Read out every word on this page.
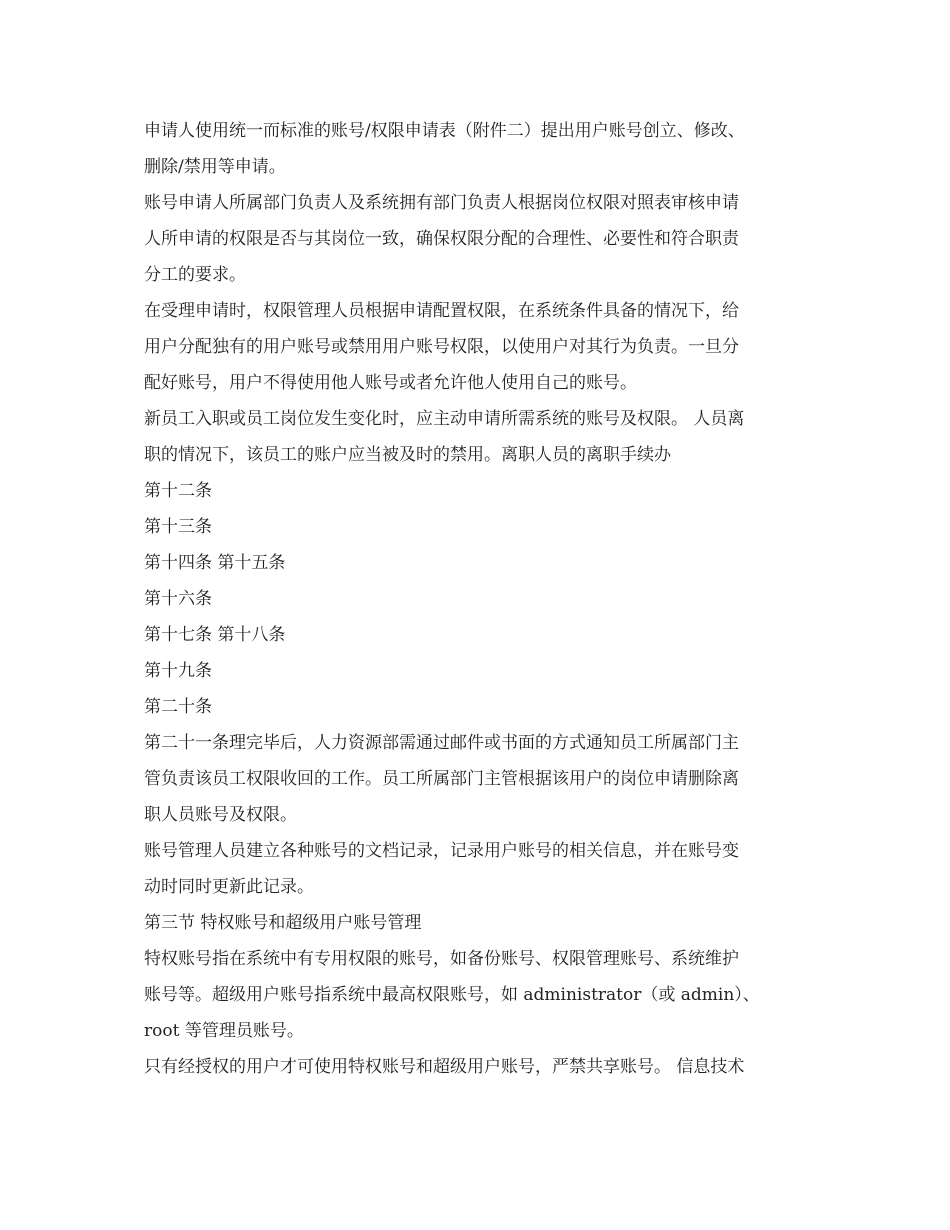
申请人使用统一而标准的账号/权限申请表（附件二）提出用户账号创立、修改、
删除/禁用等申请。
账号申请人所属部门负责人及系统拥有部门负责人根据岗位权限对照表审核申请
人所申请的权限是否与其岗位一致，确保权限分配的合理性、必要性和符合职责
分工的要求。
在受理申请时，权限管理人员根据申请配置权限，在系统条件具备的情况下，给
用户分配独有的用户账号或禁用用户账号权限，以使用户对其行为负责。一旦分
配好账号，用户不得使用他人账号或者允许他人使用自己的账号。
新员工入职或员工岗位发生变化时，应主动申请所需系统的账号及权限。 人员离
职的情况下，该员工的账户应当被及时的禁用。离职人员的离职手续办
第十二条
第十三条
第十四条 第十五条
第十六条
第十七条 第十八条
第十九条
第二十条
第二十一条理完毕后，人力资源部需通过邮件或书面的方式通知员工所属部门主
管负责该员工权限收回的工作。员工所属部门主管根据该用户的岗位申请删除离
职人员账号及权限。
账号管理人员建立各种账号的文档记录，记录用户账号的相关信息，并在账号变
动时同时更新此记录。
第三节 特权账号和超级用户账号管理
特权账号指在系统中有专用权限的账号，如备份账号、权限管理账号、系统维护
账号等。超级用户账号指系统中最高权限账号，如 administrator（或 admin）、
root 等管理员账号。
只有经授权的用户才可使用特权账号和超级用户账号，严禁共享账号。 信息技术
